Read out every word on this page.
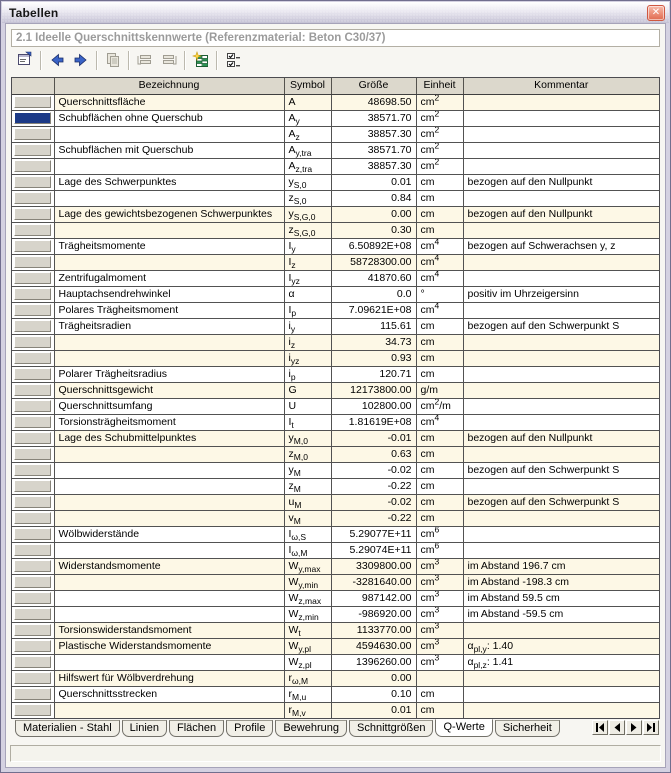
Tabellen	✕
2.1 Ideelle Querschnittskennwerte (Referenzmaterial: Beton C30/37)
	Bezeichnung	Symbol	Größe	Einheit	Kommentar

	Querschnittsfläche	A	48698.50	$cm^2$	

	Schubflächen ohne Querschub	$A_y$	38571.70	$cm^2$	

		$A_z$	38857.30	$cm^2$	

	Schubflächen mit Querschub	$A_{y,tra}$	38571.70	$cm^2$	

		$A_{z,tra}$	38857.30	$cm^2$	

	Lage des Schwerpunktes	$y_{S,0}$	0.01	cm	bezogen auf den Nullpunkt

		$z_{S,0}$	0.84	cm	

	Lage des gewichtsbezogenen Schwerpunktes	$y_{S,G,0}$	0.00	cm	bezogen auf den Nullpunkt

		$z_{S,G,0}$	0.30	cm	

	Trägheitsmomente	$I_y$	6.50892E+08	$cm^4$	bezogen auf Schwerachsen y, z

		$I_z$	58728300.00	$cm^4$	

	Zentrifugalmoment	$I_{yz}$	41870.60	$cm^4$	

	Hauptachsendrehwinkel	α	0.0	°	positiv im Uhrzeigersinn

	Polares Trägheitsmoment	$I_p$	7.09621E+08	$cm^4$	

	Trägheitsradien	$i_y$	115.61	cm	bezogen auf den Schwerpunkt S

		$i_z$	34.73	cm	

		$i_{yz}$	0.93	cm	

	Polarer Trägheitsradius	$i_p$	120.71	cm	

	Querschnittsgewicht	G	12173800.00	g/m	

	Querschnittsumfang	U	102800.00	$cm^2/m$	

	Torsionsträgheitsmoment	$I_t$	1.81619E+08	$cm^4$	

	Lage des Schubmittelpunktes	$y_{M,0}$	-0.01	cm	bezogen auf den Nullpunkt

		$z_{M,0}$	0.63	cm	

		$y_M$	-0.02	cm	bezogen auf den Schwerpunkt S

		$z_M$	-0.22	cm	

		$u_M$	-0.02	cm	bezogen auf den Schwerpunkt S

		$v_M$	-0.22	cm	

	Wölbwiderstände	$I_{\omega,S}$	5.29077E+11	$cm^6$	

		$I_{\omega,M}$	5.29074E+11	$cm^6$	

	Widerstandsmomente	$W_{y,max}$	3309800.00	$cm^3$	im Abstand 196.7 cm

		$W_{y,min}$	-3281640.00	$cm^3$	im Abstand -198.3 cm

		$W_{z,max}$	987142.00	$cm^3$	im Abstand 59.5 cm

		$W_{z,min}$	-986920.00	$cm^3$	im Abstand -59.5 cm

	Torsionswiderstandsmoment	$W_t$	1133770.00	$cm^3$	

	Plastische Widerstandsmomente	$W_{y,pl}$	4594630.00	$cm^3$	$\alpha_{pl,y}$: 1.40

		$W_{z,pl}$	1396260.00	$cm^3$	$\alpha_{pl,z}$: 1.41

	Hilfswert für Wölbverdrehung	$r_{\omega,M}$	0.00		

	Querschnittsstrecken	$r_{M,u}$	0.10	cm	

		$r_{M,v}$	0.01	cm	
Materialien - Stahl	Linien	Flächen	Profile	Bewehrung	Schnittgrößen	Q-Werte	Sicherheit
